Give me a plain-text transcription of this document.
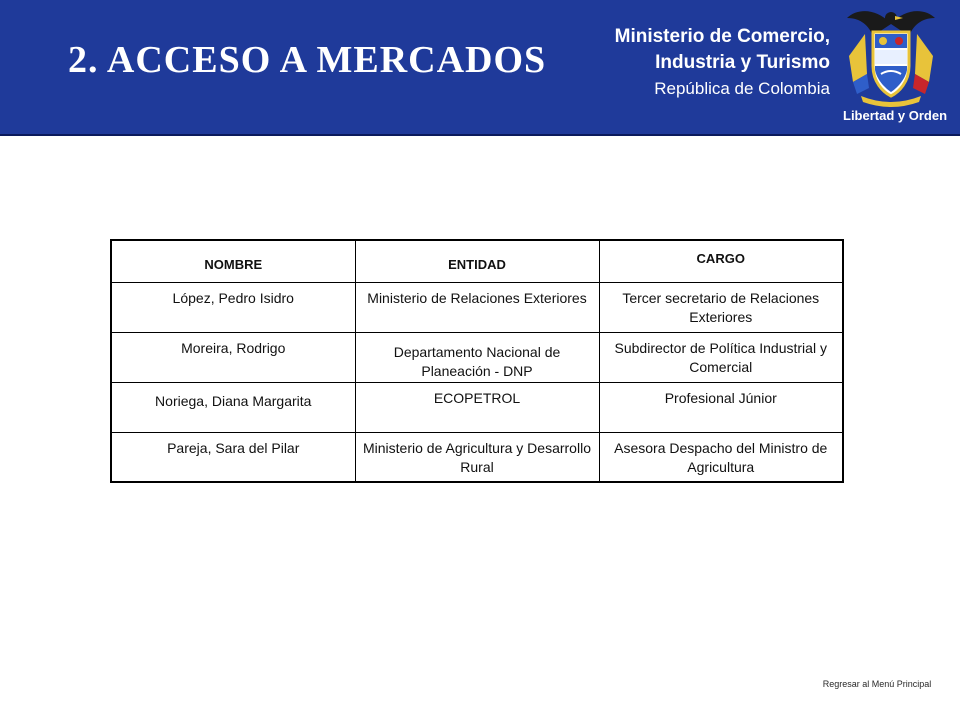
2. ACCESO A MERCADOS
Ministerio de Comercio,
Industria y Turismo
República de Colombia
Libertad y Orden
NOMBRE	ENTIDAD	CARGO
López, Pedro Isidro	Ministerio de Relaciones Exteriores	Tercer secretario de Relaciones Exteriores
Moreira, Rodrigo	Departamento Nacional de Planeación - DNP	Subdirector de Política Industrial y Comercial
Noriega, Diana Margarita	ECOPETROL	Profesional Júnior
Pareja, Sara del Pilar	Ministerio de Agricultura y Desarrollo Rural	Asesora Despacho del Ministro de Agricultura
Regresar al Menú Principal
